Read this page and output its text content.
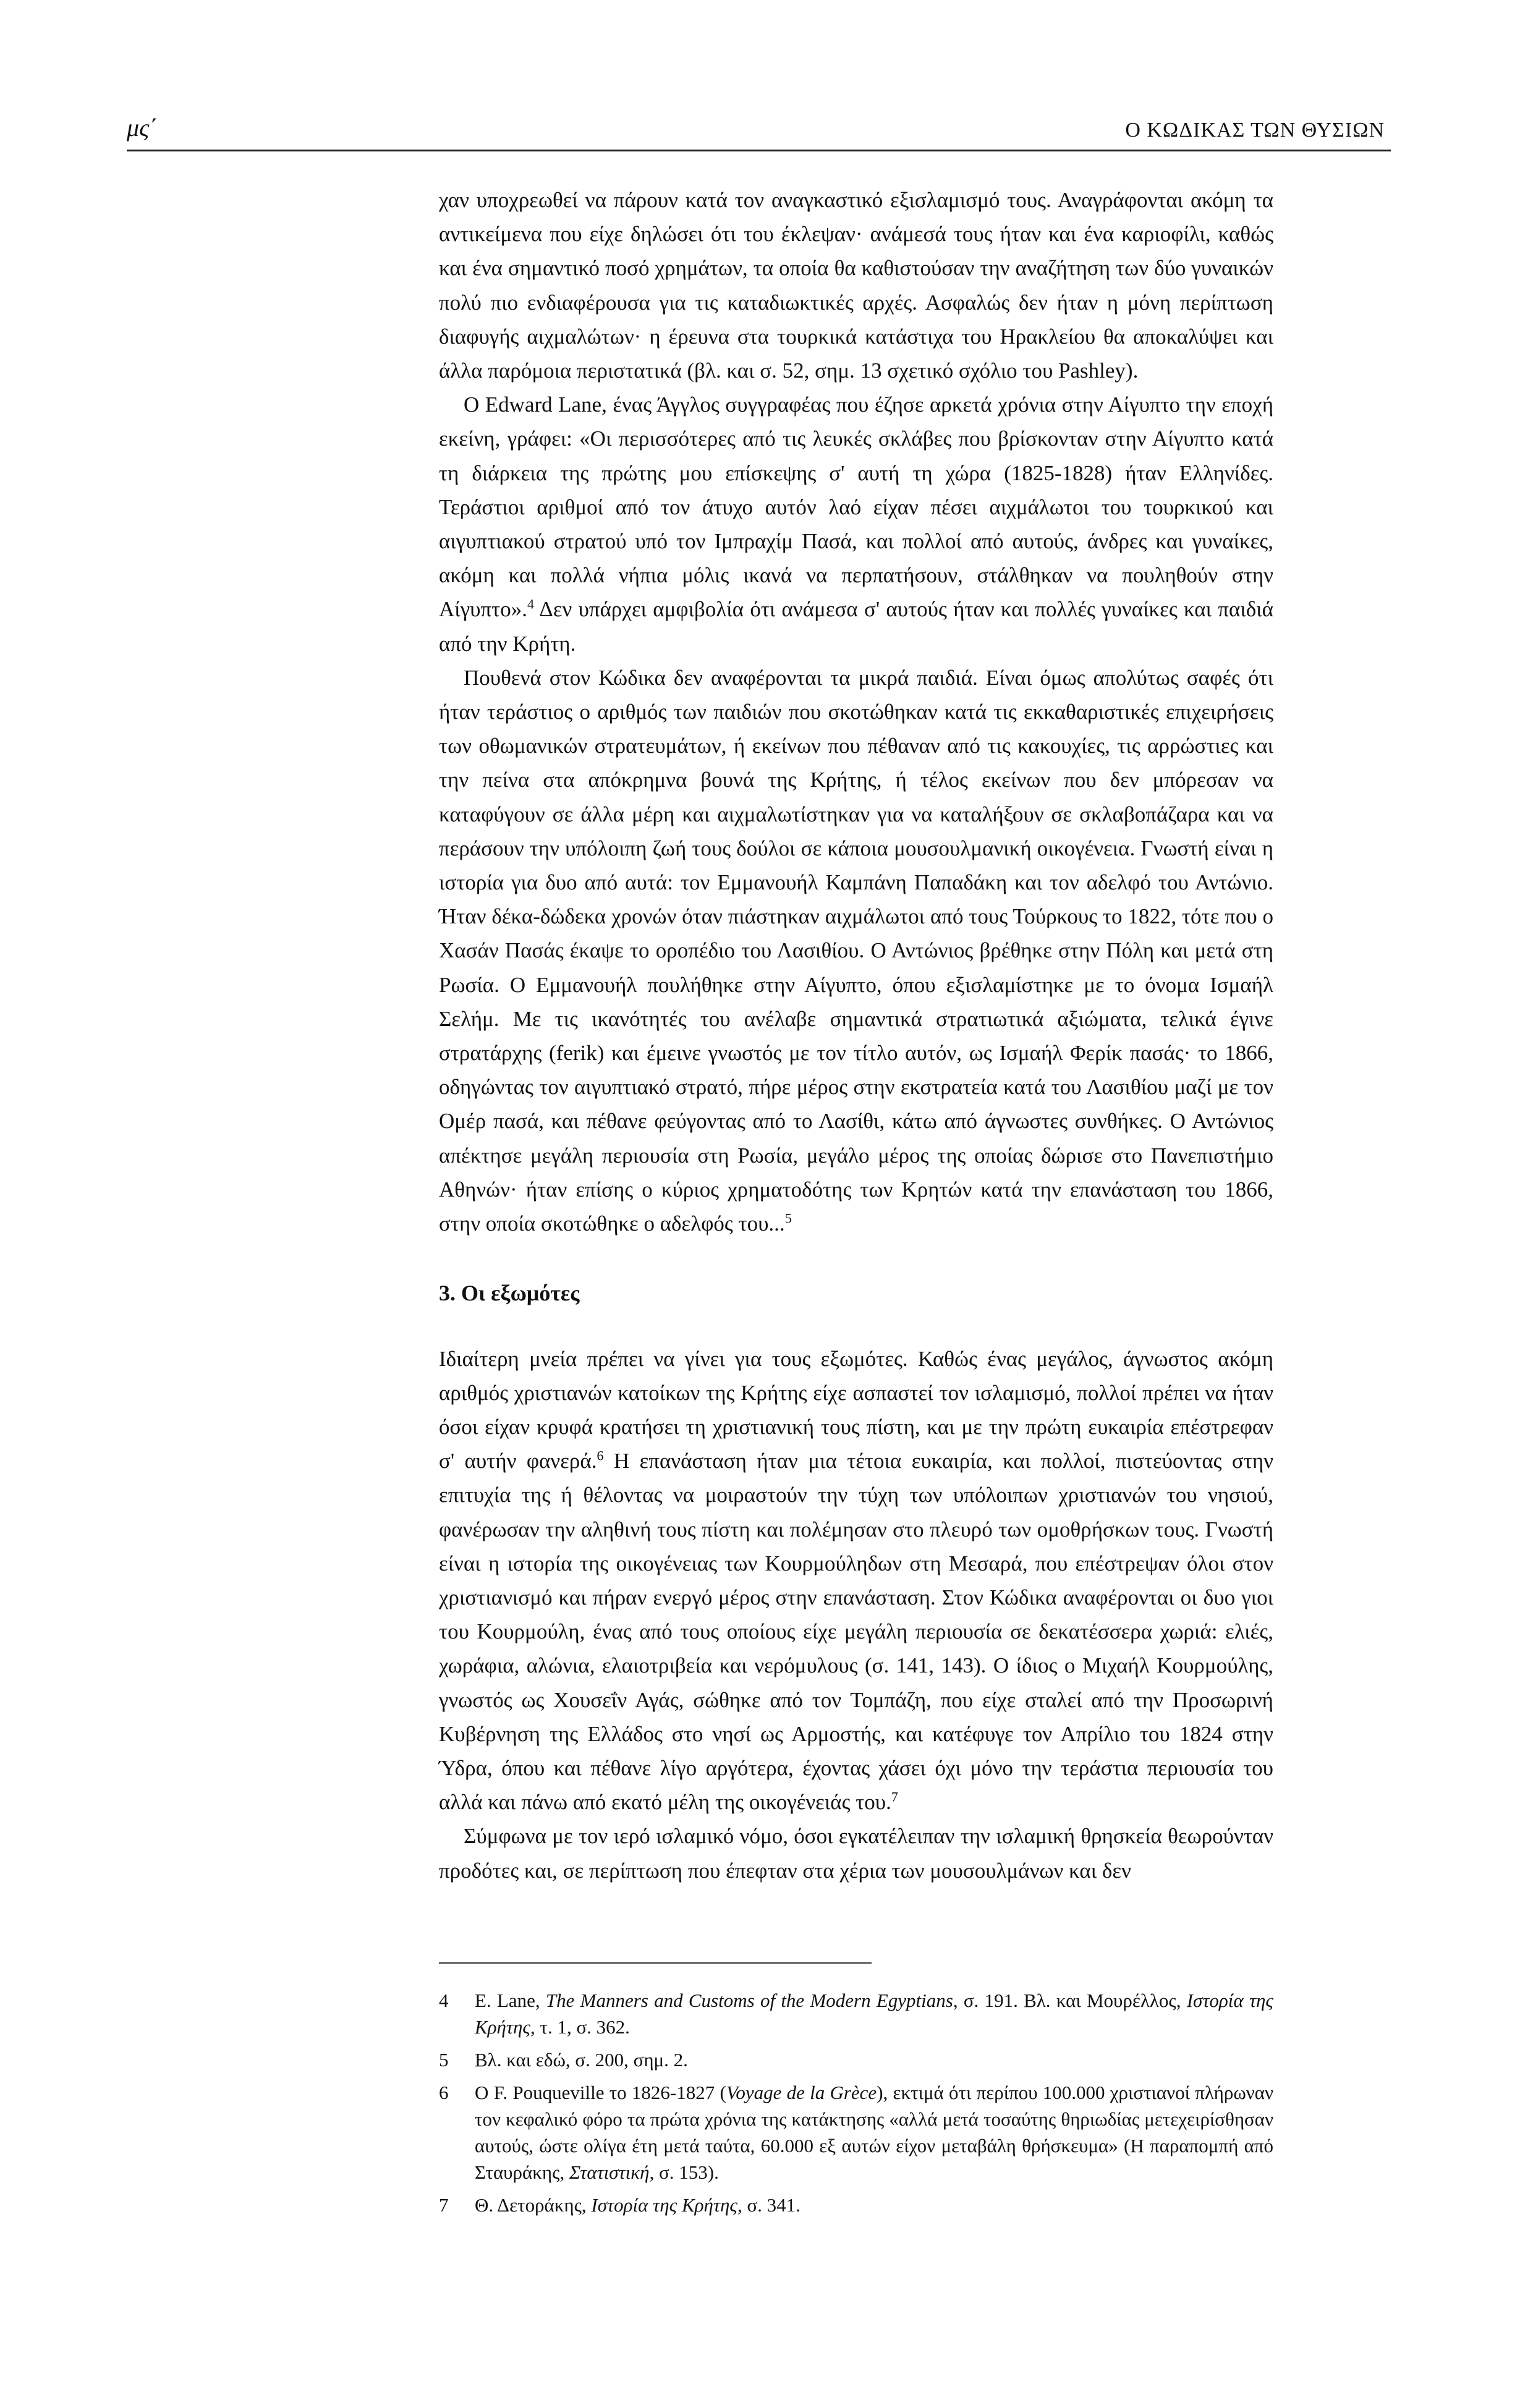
μς΄	Ο ΚΩΔΙΚΑΣ ΤΩΝ ΘΥΣΙΩΝ

χαν υποχρεωθεί να πάρουν κατά τον αναγκαστικό εξισλαμισμό τους. Αναγράφονται ακόμη τα αντικείμενα που είχε δηλώσει ότι του έκλεψαν· ανάμεσά τους ήταν και ένα καριοφίλι, καθώς και ένα σημαντικό ποσό χρημάτων, τα οποία θα καθιστούσαν την αναζήτηση των δύο γυναικών πολύ πιο ενδιαφέρουσα για τις καταδιωκτικές αρχές. Ασφαλώς δεν ήταν η μόνη περίπτωση διαφυγής αιχμαλώτων· η έρευνα στα τουρκικά κατάστιχα του Ηρακλείου θα αποκαλύψει και άλλα παρόμοια περιστατικά (βλ. και σ. 52, σημ. 13 σχετικό σχόλιο του Pashley).

Ο Edward Lane, ένας Άγγλος συγγραφέας που έζησε αρκετά χρόνια στην Αίγυπτο την εποχή εκείνη, γράφει: «Οι περισσότερες από τις λευκές σκλάβες που βρίσκονταν στην Αίγυπτο κατά τη διάρκεια της πρώτης μου επίσκεψης σ' αυτή τη χώρα (1825-1828) ήταν Ελληνίδες. Τεράστιοι αριθμοί από τον άτυχο αυτόν λαό είχαν πέσει αιχμάλωτοι του τουρκικού και αιγυπτιακού στρατού υπό τον Ιμπραχίμ Πασά, και πολλοί από αυτούς, άνδρες και γυναίκες, ακόμη και πολλά νήπια μόλις ικανά να περπατήσουν, στάλθηκαν να πουληθούν στην Αίγυπτο».$^4$ Δεν υπάρχει αμφιβολία ότι ανάμεσα σ' αυτούς ήταν και πολλές γυναίκες και παιδιά από την Κρήτη.

Πουθενά στον Κώδικα δεν αναφέρονται τα μικρά παιδιά. Είναι όμως απολύτως σαφές ότι ήταν τεράστιος ο αριθμός των παιδιών που σκοτώθηκαν κατά τις εκκαθαριστικές επιχειρήσεις των οθωμανικών στρατευμάτων, ή εκείνων που πέθαναν από τις κακουχίες, τις αρρώστιες και την πείνα στα απόκρημνα βουνά της Κρήτης, ή τέλος εκείνων που δεν μπόρεσαν να καταφύγουν σε άλλα μέρη και αιχμαλωτίστηκαν για να καταλήξουν σε σκλαβοπάζαρα και να περάσουν την υπόλοιπη ζωή τους δούλοι σε κάποια μουσουλμανική οικογένεια. Γνωστή είναι η ιστορία για δυο από αυτά: τον Εμμανουήλ Καμπάνη Παπαδάκη και τον αδελφό του Αντώνιο. Ήταν δέκα-δώδεκα χρονών όταν πιάστηκαν αιχμάλωτοι από τους Τούρκους το 1822, τότε που ο Χασάν Πασάς έκαψε το οροπέδιο του Λασιθίου. Ο Αντώνιος βρέθηκε στην Πόλη και μετά στη Ρωσία. Ο Εμμανουήλ πουλήθηκε στην Αίγυπτο, όπου εξισλαμίστηκε με το όνομα Ισμαήλ Σελήμ. Με τις ικανότητές του ανέλαβε σημαντικά στρατιωτικά αξιώματα, τελικά έγινε στρατάρχης (ferik) και έμεινε γνωστός με τον τίτλο αυτόν, ως Ισμαήλ Φερίκ πασάς· το 1866, οδηγώντας τον αιγυπτιακό στρατό, πήρε μέρος στην εκστρατεία κατά του Λασιθίου μαζί με τον Ομέρ πασά, και πέθανε φεύγοντας από το Λασίθι, κάτω από άγνωστες συνθήκες. Ο Αντώνιος απέκτησε μεγάλη περιουσία στη Ρωσία, μεγάλο μέρος της οποίας δώρισε στο Πανεπιστήμιο Αθηνών· ήταν επίσης ο κύριος χρηματοδότης των Κρητών κατά την επανάσταση του 1866, στην οποία σκοτώθηκε ο αδελφός του...$^5$

3. Οι εξωμότες

Ιδιαίτερη μνεία πρέπει να γίνει για τους εξωμότες. Καθώς ένας μεγάλος, άγνωστος ακόμη αριθμός χριστιανών κατοίκων της Κρήτης είχε ασπαστεί τον ισλαμισμό, πολλοί πρέπει να ήταν όσοι είχαν κρυφά κρατήσει τη χριστιανική τους πίστη, και με την πρώτη ευκαιρία επέστρεφαν σ' αυτήν φανερά.$^6$ Η επανάσταση ήταν μια τέτοια ευκαιρία, και πολλοί, πιστεύοντας στην επιτυχία της ή θέλοντας να μοιραστούν την τύχη των υπόλοιπων χριστιανών του νησιού, φανέρωσαν την αληθινή τους πίστη και πολέμησαν στο πλευρό των ομοθρήσκων τους. Γνωστή είναι η ιστορία της οικογένειας των Κουρμούληδων στη Μεσαρά, που επέστρεψαν όλοι στον χριστιανισμό και πήραν ενεργό μέρος στην επανάσταση. Στον Κώδικα αναφέρονται οι δυο γιοι του Κουρμούλη, ένας από τους οποίους είχε μεγάλη περιουσία σε δεκατέσσερα χωριά: ελιές, χωράφια, αλώνια, ελαιοτριβεία και νερόμυλους (σ. 141, 143). Ο ίδιος ο Μιχαήλ Κουρμούλης, γνωστός ως Χουσεΐν Αγάς, σώθηκε από τον Τομπάζη, που είχε σταλεί από την Προσωρινή Κυβέρνηση της Ελλάδος στο νησί ως Αρμοστής, και κατέφυγε τον Απρίλιο του 1824 στην Ύδρα, όπου και πέθανε λίγο αργότερα, έχοντας χάσει όχι μόνο την τεράστια περιουσία του αλλά και πάνω από εκατό μέλη της οικογένειάς του.$^7$

Σύμφωνα με τον ιερό ισλαμικό νόμο, όσοι εγκατέλειπαν την ισλαμική θρησκεία θεωρούνταν προδότες και, σε περίπτωση που έπεφταν στα χέρια των μουσουλμάνων και δεν

4	E. Lane, The Manners and Customs of the Modern Egyptians, σ. 191. Βλ. και Μουρέλλος, Ιστορία της Κρήτης, τ. 1, σ. 362.
5	Βλ. και εδώ, σ. 200, σημ. 2.
6	Ο F. Pouqueville το 1826-1827 (Voyage de la Grèce), εκτιμά ότι περίπου 100.000 χριστιανοί πλήρωναν τον κεφαλικό φόρο τα πρώτα χρόνια της κατάκτησης «αλλά μετά τοσαύτης θηριωδίας μετεχειρίσθησαν αυτούς, ώστε ολίγα έτη μετά ταύτα, 60.000 εξ αυτών είχον μεταβάλη θρήσκευμα» (Η παραπομπή από Σταυράκης, Στατιστική, σ. 153).
7	Θ. Δετοράκης, Ιστορία της Κρήτης, σ. 341.
